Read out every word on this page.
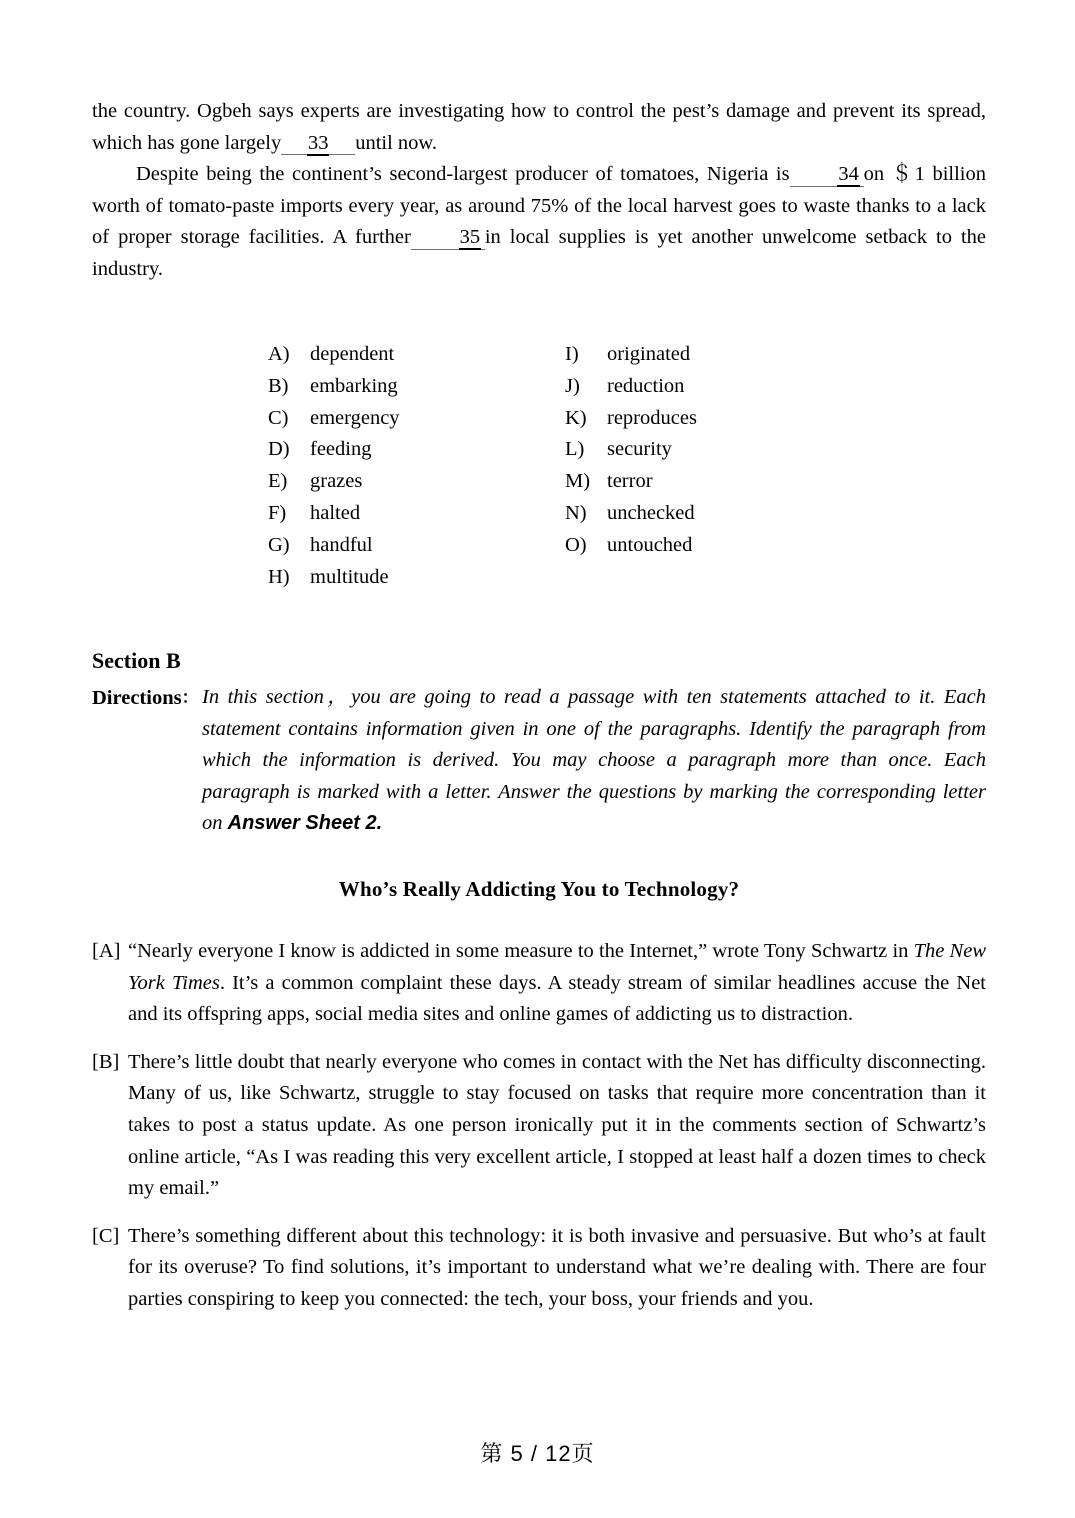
the country. Ogbeh says experts are investigating how to control the pest’s damage and prevent its spread, which has gone largely 33 until now.

Despite being the continent’s second-largest producer of tomatoes, Nigeria is 34 on ＄1 billion worth of tomato-paste imports every year, as around 75% of the local harvest goes to waste thanks to a lack of proper storage facilities. A further 35 in local supplies is yet another unwelcome setback to the industry.

A) dependent
B) embarking
C) emergency
D) feeding
E) grazes
F) halted
G) handful
H) multitude
I) originated
J) reduction
K) reproduces
L) security
M) terror
N) unchecked
O) untouched
Section B
Directions： In this section，you are going to read a passage with ten statements attached to it. Each statement contains information given in one of the paragraphs. Identify the paragraph from which the information is derived. You may choose a paragraph more than once. Each paragraph is marked with a letter. Answer the questions by marking the corresponding letter on Answer Sheet 2.

Who’s Really Addicting You to Technology?
[A] “Nearly everyone I know is addicted in some measure to the Internet,” wrote Tony Schwartz in The New York Times. It’s a common complaint these days. A steady stream of similar headlines accuse the Net and its offspring apps, social media sites and online games of addicting us to distraction.
[B] There’s little doubt that nearly everyone who comes in contact with the Net has difficulty disconnecting. Many of us, like Schwartz, struggle to stay focused on tasks that require more concentration than it takes to post a status update. As one person ironically put it in the comments section of Schwartz’s online article, “As I was reading this very excellent article, I stopped at least half a dozen times to check my email.”
[C] There’s something different about this technology: it is both invasive and persuasive. But who’s at fault for its overuse? To find solutions, it’s important to understand what we’re dealing with. There are four parties conspiring to keep you connected: the tech, your boss, your friends and you.
第 5 / 12页
